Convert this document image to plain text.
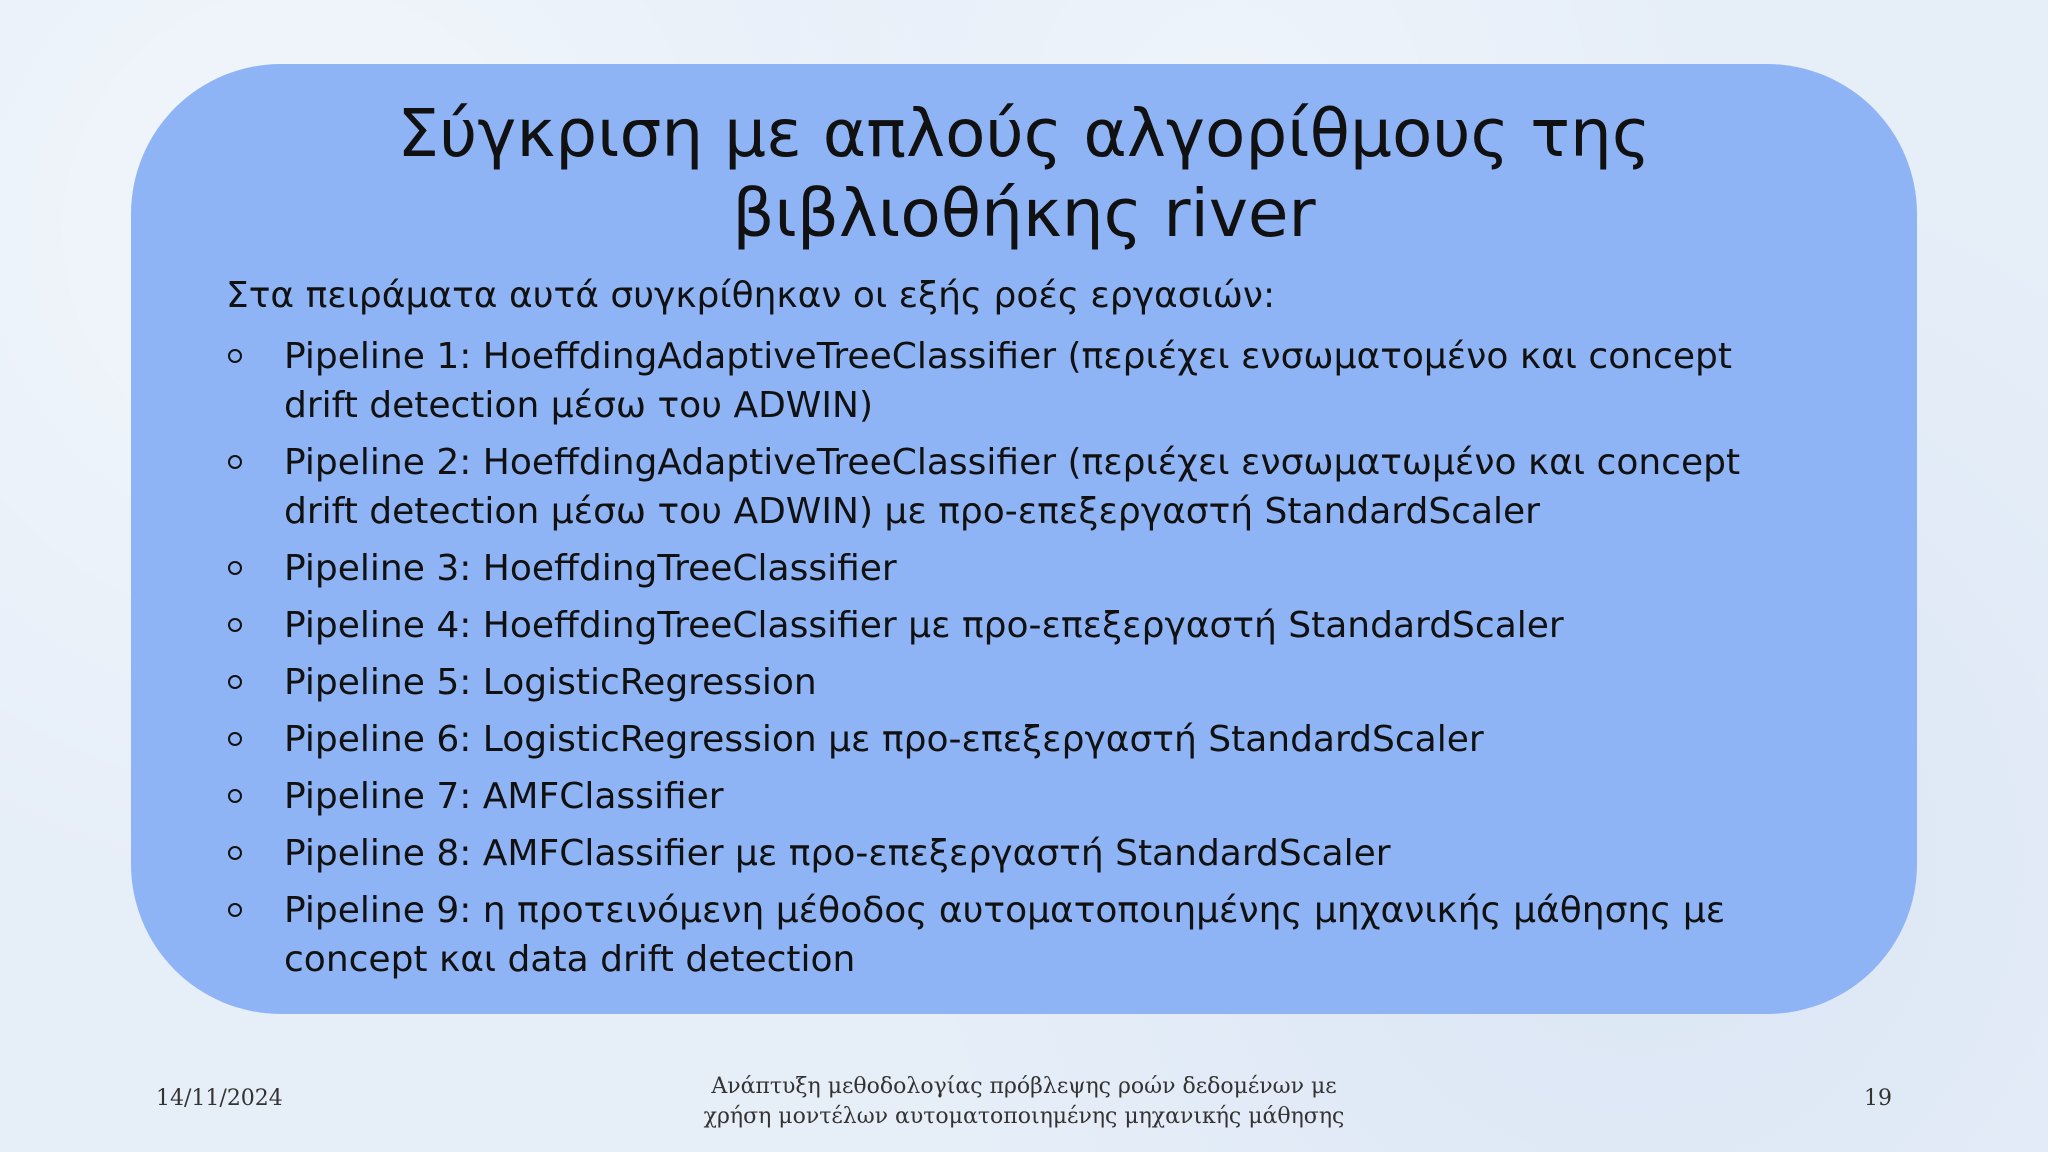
Σύγκριση με απλούς αλγορίθμους της
βιβλιοθήκης river

Στα πειράματα αυτά συγκρίθηκαν οι εξής ροές εργασιών:

Pipeline 1: HoeffdingAdaptiveTreeClassifier (περιέχει ενσωματομένο και concept drift detection μέσω του ADWIN)
Pipeline 2: HoeffdingAdaptiveTreeClassifier (περιέχει ενσωματωμένο και concept drift detection μέσω του ADWIN) με προ-επεξεργαστή StandardScaler
Pipeline 3: HoeffdingTreeClassifier
Pipeline 4: HoeffdingTreeClassifier με προ-επεξεργαστή StandardScaler
Pipeline 5: LogisticRegression
Pipeline 6: LogisticRegression με προ-επεξεργαστή StandardScaler
Pipeline 7: AMFClassifier
Pipeline 8: AMFClassifier με προ-επεξεργαστή StandardScaler
Pipeline 9: η προτεινόμενη μέθοδος αυτοματοποιημένης μηχανικής μάθησης με concept και data drift detection
14/11/2024	Ανάπτυξη μεθοδολογίας πρόβλεψης ροών δεδομένων με
χρήση μοντέλων αυτοματοποιημένης μηχανικής μάθησης
19
